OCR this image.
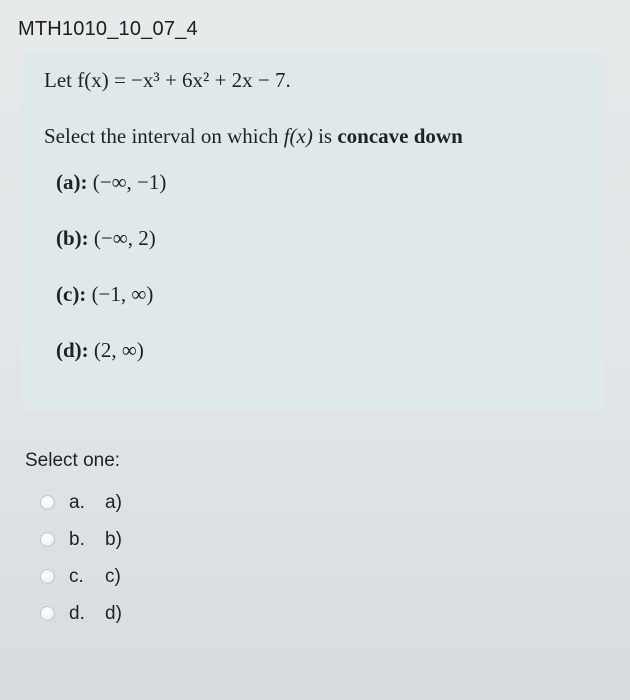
MTH1010_10_07_4
Let f(x) = −x³ + 6x² + 2x − 7.
Select the interval on which f(x) is concave down
(a): (−∞, −1)
(b): (−∞, 2)
(c): (−1, ∞)
(d): (2, ∞)
Select one:
a.	a)
b.	b)
c.	c)
d.	d)
